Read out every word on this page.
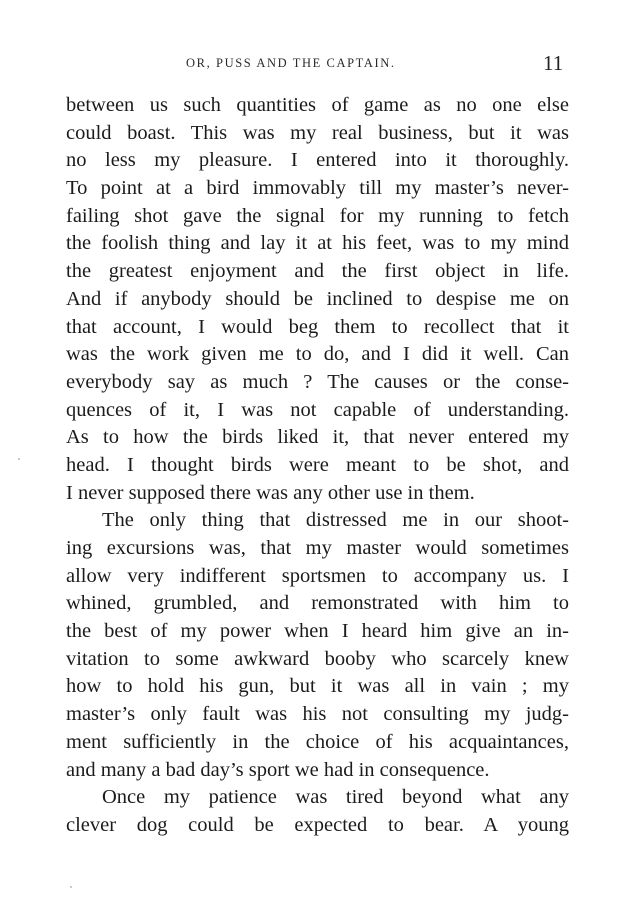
OR, PUSS AND THE CAPTAIN.	11
between us such quantities of game as no one else
could boast. This was my real business, but it was
no less my pleasure. I entered into it thoroughly.
To point at a bird immovably till my master’s never-
failing shot gave the signal for my running to fetch
the foolish thing and lay it at his feet, was to my mind
the greatest enjoyment and the first object in life.
And if anybody should be inclined to despise me on
that account, I would beg them to recollect that it
was the work given me to do, and I did it well. Can
everybody say as much ? The causes or the conse-
quences of it, I was not capable of understanding.
As to how the birds liked it, that never entered my
head. I thought birds were meant to be shot, and
I never supposed there was any other use in them.
The only thing that distressed me in our shoot-
ing excursions was, that my master would sometimes
allow very indifferent sportsmen to accompany us. I
whined, grumbled, and remonstrated with him to
the best of my power when I heard him give an in-
vitation to some awkward booby who scarcely knew
how to hold his gun, but it was all in vain ; my
master’s only fault was his not consulting my judg-
ment sufficiently in the choice of his acquaintances,
and many a bad day’s sport we had in consequence.
Once my patience was tired beyond what any
clever dog could be expected to bear. A young
